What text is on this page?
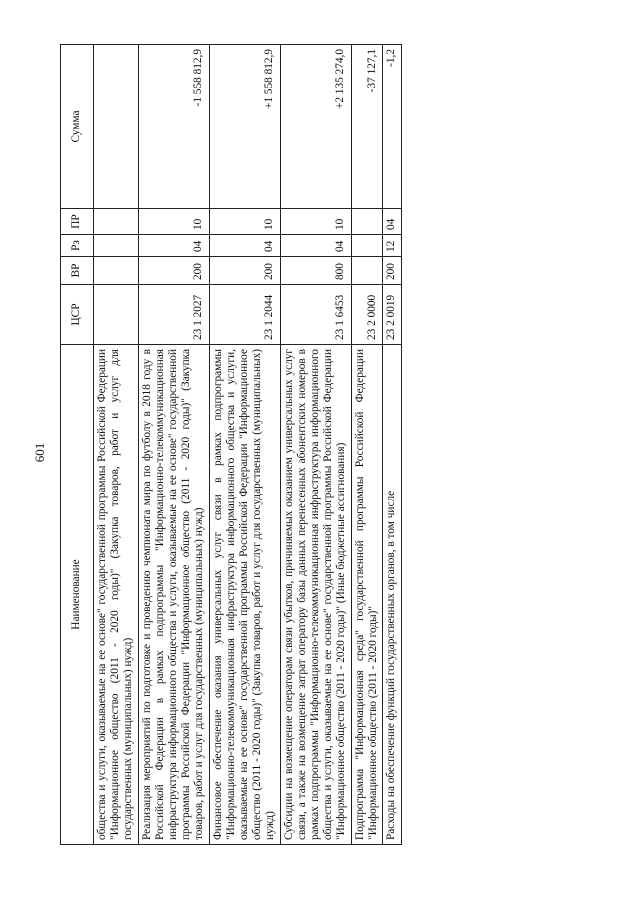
601
Наименование	ЦСР	ВР	Рз	ПР	Сумма
общества и услуги, оказываемые на ее основе" государственной программы Российской Федерации "Информационное общество (2011 - 2020 годы)" (Закупка товаров, работ и услуг для государственных (муниципальных) нужд)					
Реализация мероприятий по подготовке и проведению чемпионата мира по футболу в 2018 году в Российской Федерации в рамках подпрограммы "Информационно-телекоммуникационная инфраструктура информационного общества и услуги, оказываемые на ее основе" государственной программы Российской Федерации "Информационное общество (2011 - 2020 годы)" (Закупка товаров, работ и услуг для государственных (муниципальных) нужд)	23 1 2027	200	04	10	-1 558 812,9
Финансовое обеспечение оказания универсальных услуг связи в рамках подпрограммы "Информационно-телекоммуникационная инфраструктура информационного общества и услуги, оказываемые на ее основе" государственной программы Российской Федерации "Информационное общество (2011 - 2020 годы)" (Закупка товаров, работ и услуг для государственных (муниципальных) нужд)	23 1 2044	200	04	10	+1 558 812,9
Субсидии на возмещение операторам связи убытков, причиняемых оказанием универсальных услуг связи, а также на возмещение затрат оператору базы данных перенесенных абонентских номеров в рамках подпрограммы "Информационно-телекоммуникационная инфраструктура информационного общества и услуги, оказываемые на ее основе" государственной программы Российской Федерации "Информационное общество (2011 - 2020 годы)" (Иные бюджетные ассигнования)	23 1 6453	800	04	10	+2 135 274,0
Подпрограмма "Информационная среда" государственной программы Российской Федерации "Информационное общество (2011 - 2020 годы)"	23 2 0000				-37 127,1
Расходы на обеспечение функций государственных органов, в том числе	23 2 0019	200	12	04	-1,2
